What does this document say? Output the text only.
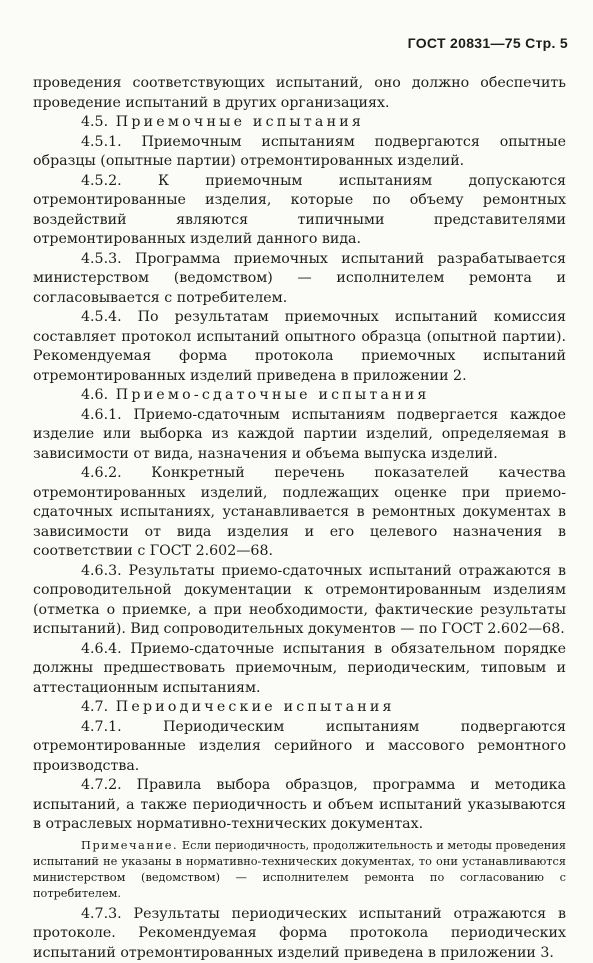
ГОСТ 20831—75 Стр. 5

проведения соответствующих испытаний, оно должно обеспечить проведение испытаний в других организациях.

4.5. Приемочные испытания

4.5.1. Приемочным испытаниям подвергаются опытные образцы (опытные партии) отремонтированных изделий.

4.5.2. К приемочным испытаниям допускаются отремонтированные изделия, которые по объему ремонтных воздействий являются типичными представителями отремонтированных изделий данного вида.

4.5.3. Программа приемочных испытаний разрабатывается министерством (ведомством) — исполнителем ремонта и согласовывается с потребителем.

4.5.4. По результатам приемочных испытаний комиссия составляет протокол испытаний опытного образца (опытной партии). Рекомендуемая форма протокола приемочных испытаний отремонтированных изделий приведена в приложении 2.

4.6. Приемо-сдаточные испытания

4.6.1. Приемо-сдаточным испытаниям подвергается каждое изделие или выборка из каждой партии изделий, определяемая в зависимости от вида, назначения и объема выпуска изделий.

4.6.2. Конкретный перечень показателей качества отремонтированных изделий, подлежащих оценке при приемо-сдаточных испытаниях, устанавливается в ремонтных документах в зависимости от вида изделия и его целевого назначения в соответствии с ГОСТ 2.602—68.

4.6.3. Результаты приемо-сдаточных испытаний отражаются в сопроводительной документации к отремонтированным изделиям (отметка о приемке, а при необходимости, фактические результаты испытаний). Вид сопроводительных документов — по ГОСТ 2.602—68.

4.6.4. Приемо-сдаточные испытания в обязательном порядке должны предшествовать приемочным, периодическим, типовым и аттестационным испытаниям.

4.7. Периодические испытания

4.7.1. Периодическим испытаниям подвергаются отремонтированные изделия серийного и массового ремонтного производства.

4.7.2. Правила выбора образцов, программа и методика испытаний, а также периодичность и объем испытаний указываются в отраслевых нормативно-технических документах.

Примечание. Если периодичность, продолжительность и методы проведения испытаний не указаны в нормативно-технических документах, то они устанавливаются министерством (ведомством) — исполнителем ремонта по согласованию с потребителем.

4.7.3. Результаты периодических испытаний отражаются в протоколе. Рекомендуемая форма протокола периодических испытаний отремонтированных изделий приведена в приложении 3.
